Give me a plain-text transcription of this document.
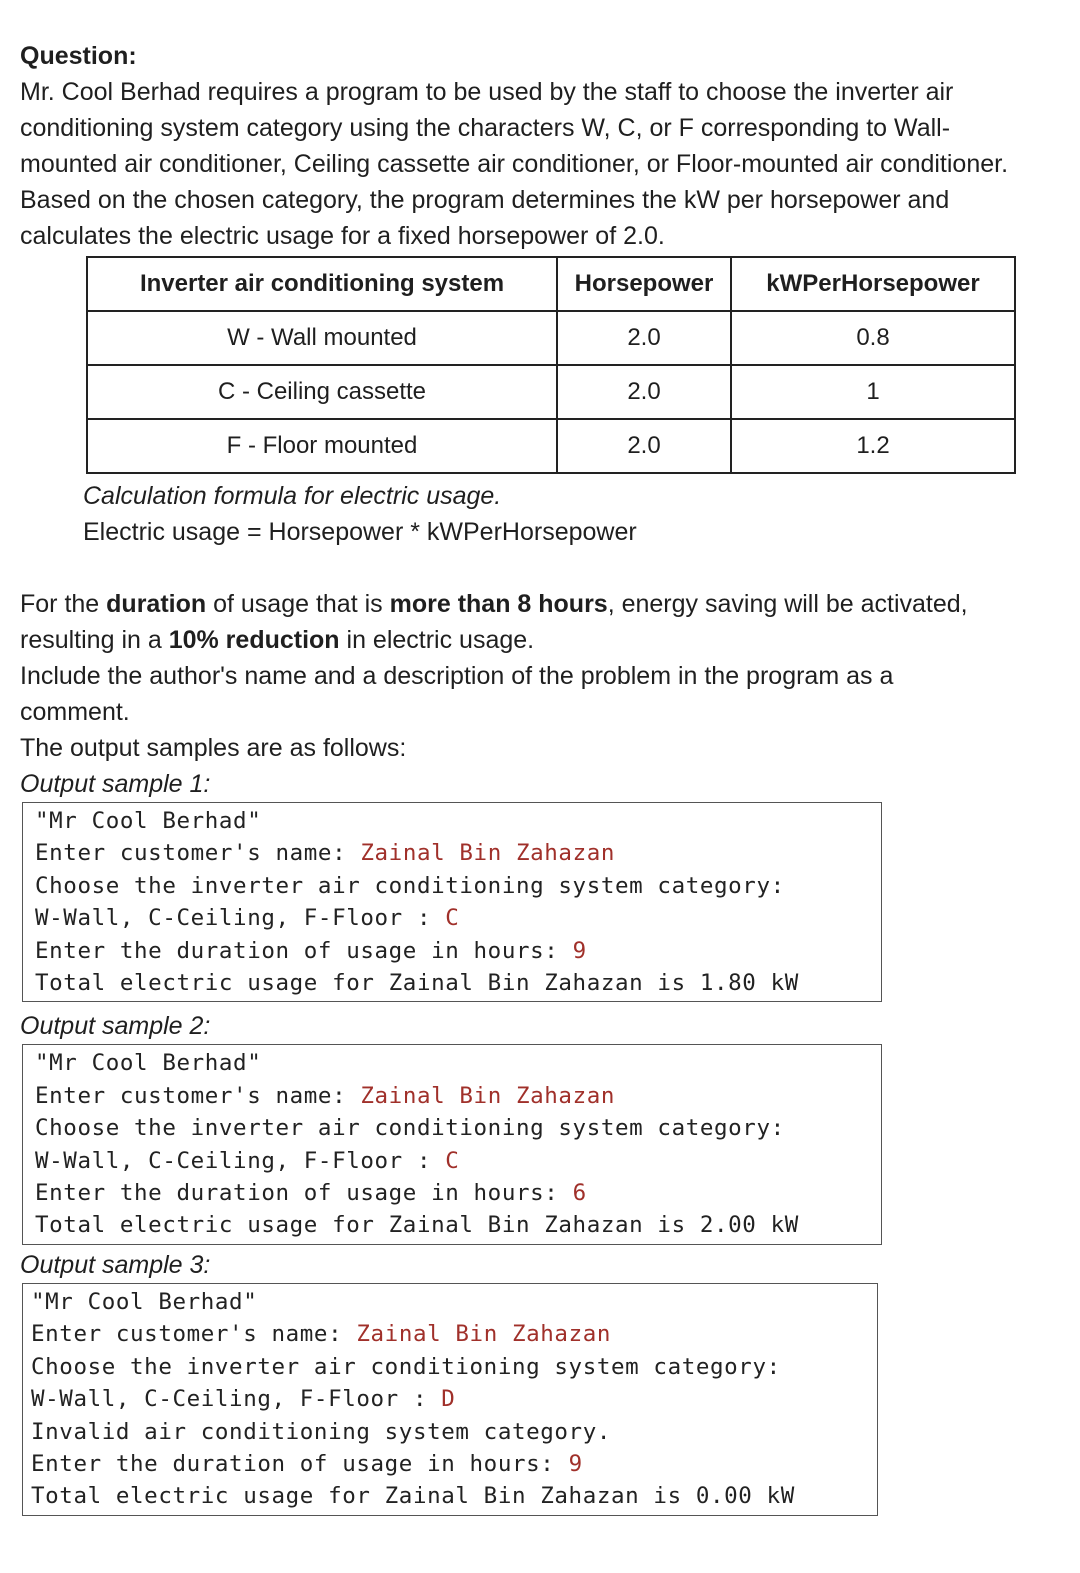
Question:
Mr. Cool Berhad requires a program to be used by the staff to choose the inverter air
conditioning system category using the characters W, C, or F corresponding to Wall-
mounted air conditioner, Ceiling cassette air conditioner, or Floor-mounted air conditioner.
Based on the chosen category, the program determines the kW per horsepower and
calculates the electric usage for a fixed horsepower of 2.0.
Inverter air conditioning system	Horsepower	kWPerHorsepower
W - Wall mounted	2.0	0.8
C - Ceiling cassette	2.0	1
F - Floor mounted	2.0	1.2
Calculation formula for electric usage.
Electric usage = Horsepower * kWPerHorsepower
For the duration of usage that is more than 8 hours, energy saving will be activated,
resulting in a 10% reduction in electric usage.
Include the author's name and a description of the problem in the program as a
comment.
The output samples are as follows:
Output sample 1:
"Mr Cool Berhad"
Enter customer's name: Zainal Bin Zahazan
Choose the inverter air conditioning system category:
W-Wall, C-Ceiling, F-Floor : C
Enter the duration of usage in hours: 9
Total electric usage for Zainal Bin Zahazan is 1.80 kW
Output sample 2:
"Mr Cool Berhad"
Enter customer's name: Zainal Bin Zahazan
Choose the inverter air conditioning system category:
W-Wall, C-Ceiling, F-Floor : C
Enter the duration of usage in hours: 6
Total electric usage for Zainal Bin Zahazan is 2.00 kW
Output sample 3:
"Mr Cool Berhad"
Enter customer's name: Zainal Bin Zahazan
Choose the inverter air conditioning system category:
W-Wall, C-Ceiling, F-Floor : D
Invalid air conditioning system category.
Enter the duration of usage in hours: 9
Total electric usage for Zainal Bin Zahazan is 0.00 kW
